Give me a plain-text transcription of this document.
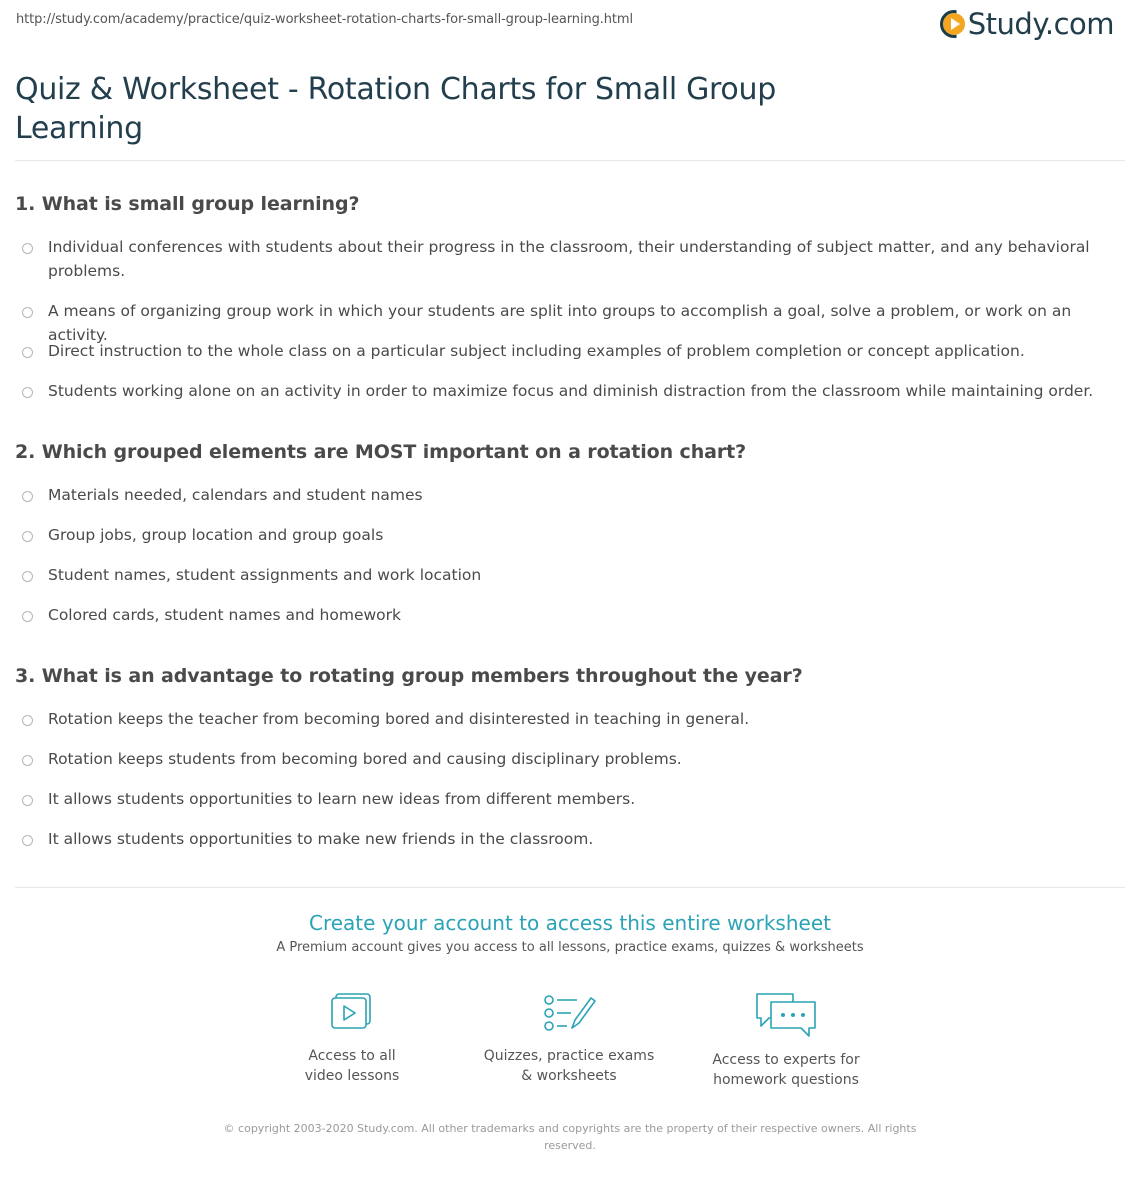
http://study.com/academy/practice/quiz-worksheet-rotation-charts-for-small-group-learning.html	Study.com
Quiz & Worksheet - Rotation Charts for Small Group Learning
1. What is small group learning?
Individual conferences with students about their progress in the classroom, their understanding of subject matter, and any behavioral problems.
A means of organizing group work in which your students are split into groups to accomplish a goal, solve a problem, or work on an activity.
Direct instruction to the whole class on a particular subject including examples of problem completion or concept application.
Students working alone on an activity in order to maximize focus and diminish distraction from the classroom while maintaining order.
2. Which grouped elements are MOST important on a rotation chart?
Materials needed, calendars and student names
Group jobs, group location and group goals
Student names, student assignments and work location
Colored cards, student names and homework
3. What is an advantage to rotating group members throughout the year?
Rotation keeps the teacher from becoming bored and disinterested in teaching in general.
Rotation keeps students from becoming bored and causing disciplinary problems.
It allows students opportunities to learn new ideas from different members.
It allows students opportunities to make new friends in the classroom.
Create your account to access this entire worksheet
A Premium account gives you access to all lessons, practice exams, quizzes & worksheets
Access to all
video lessons
Quizzes, practice exams
& worksheets
Access to experts for
homework questions
© copyright 2003-2020 Study.com. All other trademarks and copyrights are the property of their respective owners. All rights reserved.
